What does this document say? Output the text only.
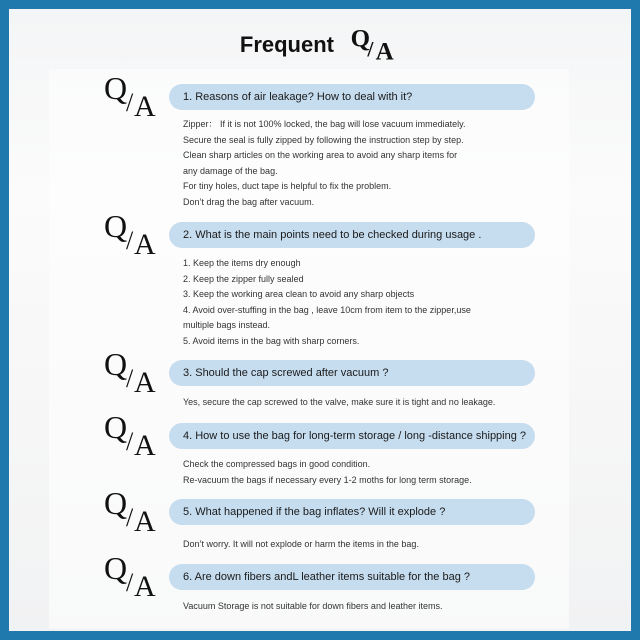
Frequent Q
/ A
Q
/ A 1. Reasons of air leakage? How to deal with it?
Zipper： If it is not 100% locked, the bag will lose vacuum immediately.
Secure the seal is fully zipped by following the instruction step by step.
Clean sharp articles on the working area to avoid any sharp items for
any damage of the bag.
For tiny holes, duct tape is helpful to fix the problem.
Don’t drag the bag after vacuum.
Q
/ A 2. What is the main points need to be checked during usage .
1. Keep the items dry enough
2. Keep the zipper fully sealed
3. Keep the working area clean to avoid any sharp objects
4. Avoid over-stuffing in the bag , leave 10cm from item to the zipper,use
multiple bags instead.
5. Avoid items in the bag with sharp corners.
Q
/ A 3. Should the cap screwed after vacuum ?
Yes, secure the cap screwed to the valve, make sure it is tight and no leakage.
Q
/ A 4. How to use the bag for long-term storage / long -distance shipping ?
Check the compressed bags in good condition.
Re-vacuum the bags if necessary every 1-2 moths for long term storage.
Q
/ A 5. What happened if the bag inflates? Will it explode ?
Don’t worry. It will not explode or harm the items in the bag.
Q
/ A 6. Are down fibers andL leather items suitable for the bag ?
Vacuum Storage is not suitable for down fibers and leather items.
